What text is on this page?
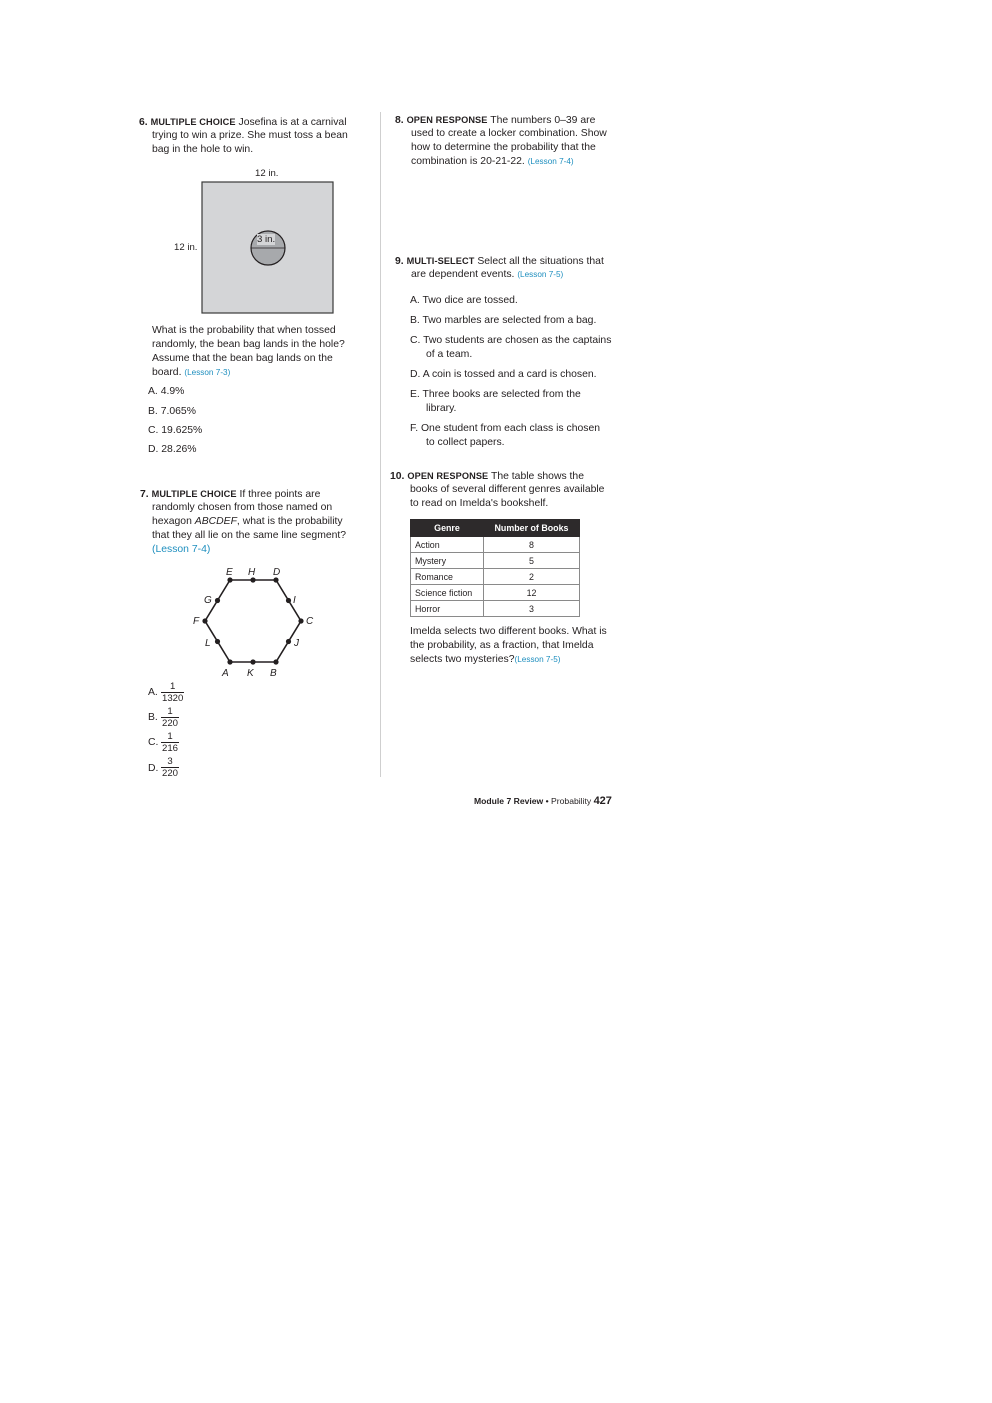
6. MULTIPLE CHOICE Josefina is at a carnival
trying to win a prize. She must toss a bean
bag in the hole to win.
12 in.
12 in.
3 in.
What is the probability that when tossed
randomly, the bean bag lands in the hole?
Assume that the bean bag lands on the
board. (Lesson 7-3)
A. 4.9%
B. 7.065%
C. 19.625%
D. 28.26%
7. MULTIPLE CHOICE If three points are
randomly chosen from those named on
hexagon ABCDEF, what is the probability
that they all lie on the same line segment?
(Lesson 7-4)
E H D
G	I
F	C
L	J
A K B
A. $\frac{1}{1320}$
B. $\frac{1}{220}$
C. $\frac{1}{216}$
D. $\frac{3}{220}$
8. OPEN RESPONSE The numbers 0–39 are
used to create a locker combination. Show
how to determine the probability that the
combination is 20-21-22. (Lesson 7-4)
9. MULTI-SELECT Select all the situations that
are dependent events. (Lesson 7-5)
A. Two dice are tossed.
B. Two marbles are selected from a bag.
C. Two students are chosen as the captains
of a team.
D. A coin is tossed and a card is chosen.
E. Three books are selected from the
library.
F. One student from each class is chosen
to collect papers.
10. OPEN RESPONSE The table shows the
books of several different genres available
to read on Imelda's bookshelf.
Genre	Number of Books
Action	8
Mystery	5
Romance	2
Science fiction	12
Horror	3
Imelda selects two different books. What is
the probability, as a fraction, that Imelda
selects two mysteries?(Lesson 7-5)
Module 7 Review • Probability 427
